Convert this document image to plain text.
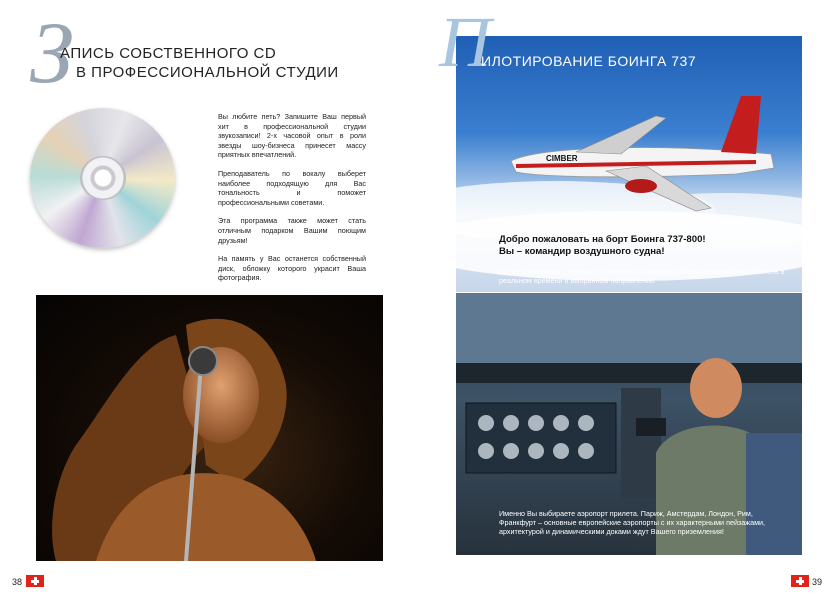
З
АПИСЬ СОБСТВЕННОГО CD
В ПРОФЕССИОНАЛЬНОЙ СТУДИИ

Вы любите петь? Запишите Ваш первый хит в профессиональной студии звукозаписи! 2-х часовой опыт в роли звезды шоу-бизнеса принесет массу приятных впечатлений.

Преподаватель по вокалу выберет наиболее подходящую для Вас тональность и поможет профессиональными советами.

Эта программа также может стать отличным подарком Вашим поющим друзьям!

На память у Вас останется собственный диск, обложку которого украсит Ваша фотография.

38
CIMBER
П
ИЛОТИРОВАНИЕ БОИНГА 737
Добро пожаловать на борт Боинга 737-800!
Вы – командир воздушного судна!
После знакомства с панелью управления симулятор полета позволит Вам взлететь в реальном времени в выбранном направлении.
Именно Вы выбираете аэропорт прилета. Париж, Амстердам, Лондон, Рим, Франкфурт – основные европейские аэропорты с их характерными пейзажами, архитектурой и динамическими доками ждут Вашего приземления!
39
